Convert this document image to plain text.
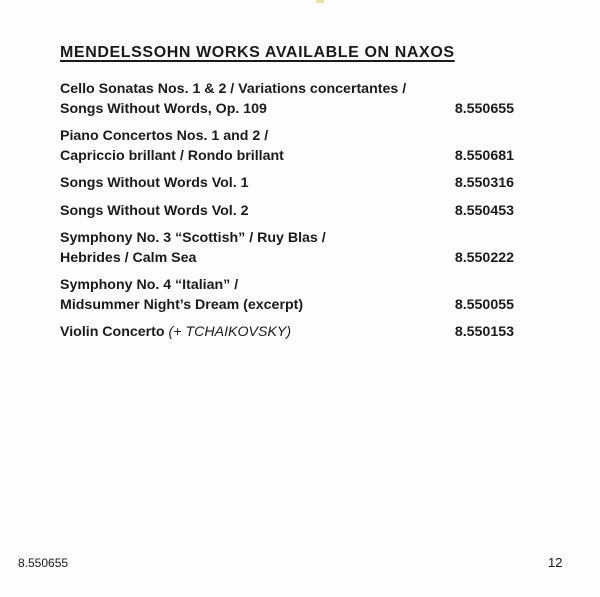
MENDELSSOHN WORKS AVAILABLE ON NAXOS
Cello Sonatas Nos. 1 & 2 / Variations concertantes /
Songs Without Words, Op. 109	8.550655
Piano Concertos Nos. 1 and 2 /
Capriccio brillant / Rondo brillant	8.550681
Songs Without Words Vol. 1	8.550316
Songs Without Words Vol. 2	8.550453
Symphony No. 3 “Scottish” / Ruy Blas /
Hebrides / Calm Sea	8.550222
Symphony No. 4 “Italian” /
Midsummer Night’s Dream (excerpt)	8.550055
Violin Concerto (+ TCHAIKOVSKY)	8.550153
8.550655	12
